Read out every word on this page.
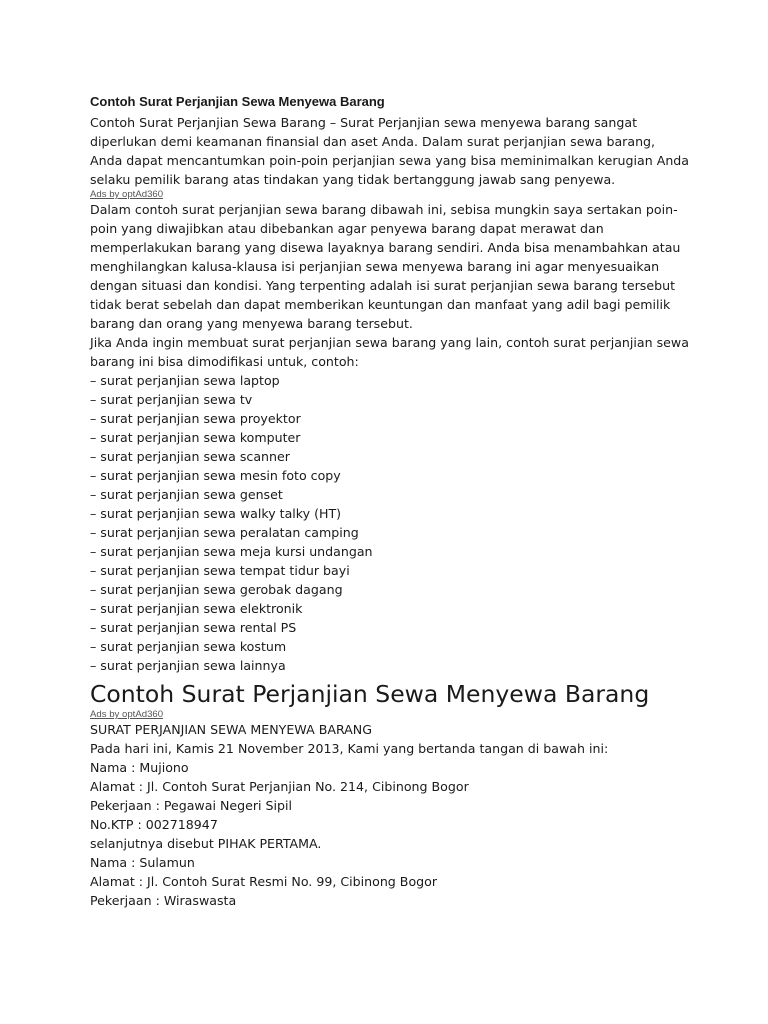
Contoh Surat Perjanjian Sewa Menyewa Barang

Contoh Surat Perjanjian Sewa Barang – Surat Perjanjian sewa menyewa barang sangat diperlukan demi keamanan finansial dan aset Anda. Dalam surat perjanjian sewa barang, Anda dapat mencantumkan poin-poin perjanjian sewa yang bisa meminimalkan kerugian Anda selaku pemilik barang atas tindakan yang tidak bertanggung jawab sang penyewa.

Ads by optAd360

Dalam contoh surat perjanjian sewa barang dibawah ini, sebisa mungkin saya sertakan poin-poin yang diwajibkan atau dibebankan agar penyewa barang dapat merawat dan memperlakukan barang yang disewa layaknya barang sendiri. Anda bisa menambahkan atau menghilangkan kalusa-klausa isi perjanjian sewa menyewa barang ini agar menyesuaikan dengan situasi dan kondisi. Yang terpenting adalah isi surat perjanjian sewa barang tersebut tidak berat sebelah dan dapat memberikan keuntungan dan manfaat yang adil bagi pemilik barang dan orang yang menyewa barang tersebut.

Jika Anda ingin membuat surat perjanjian sewa barang yang lain, contoh surat perjanjian sewa barang ini bisa dimodifikasi untuk, contoh:

– surat perjanjian sewa laptop
– surat perjanjian sewa tv
– surat perjanjian sewa proyektor
– surat perjanjian sewa komputer
– surat perjanjian sewa scanner
– surat perjanjian sewa mesin foto copy
– surat perjanjian sewa genset
– surat perjanjian sewa walky talky (HT)
– surat perjanjian sewa peralatan camping
– surat perjanjian sewa meja kursi undangan
– surat perjanjian sewa tempat tidur bayi
– surat perjanjian sewa gerobak dagang
– surat perjanjian sewa elektronik
– surat perjanjian sewa rental PS
– surat perjanjian sewa kostum
– surat perjanjian sewa lainnya
Contoh Surat Perjanjian Sewa Menyewa Barang

Ads by optAd360

SURAT PERJANJIAN SEWA MENYEWA BARANG

Pada hari ini, Kamis 21 November 2013, Kami yang bertanda tangan di bawah ini:

Nama : Mujiono

Alamat : Jl. Contoh Surat Perjanjian No. 214, Cibinong Bogor

Pekerjaan : Pegawai Negeri Sipil

No.KTP : 002718947

selanjutnya disebut PIHAK PERTAMA.

Nama : Sulamun

Alamat : Jl. Contoh Surat Resmi No. 99, Cibinong Bogor

Pekerjaan : Wiraswasta
